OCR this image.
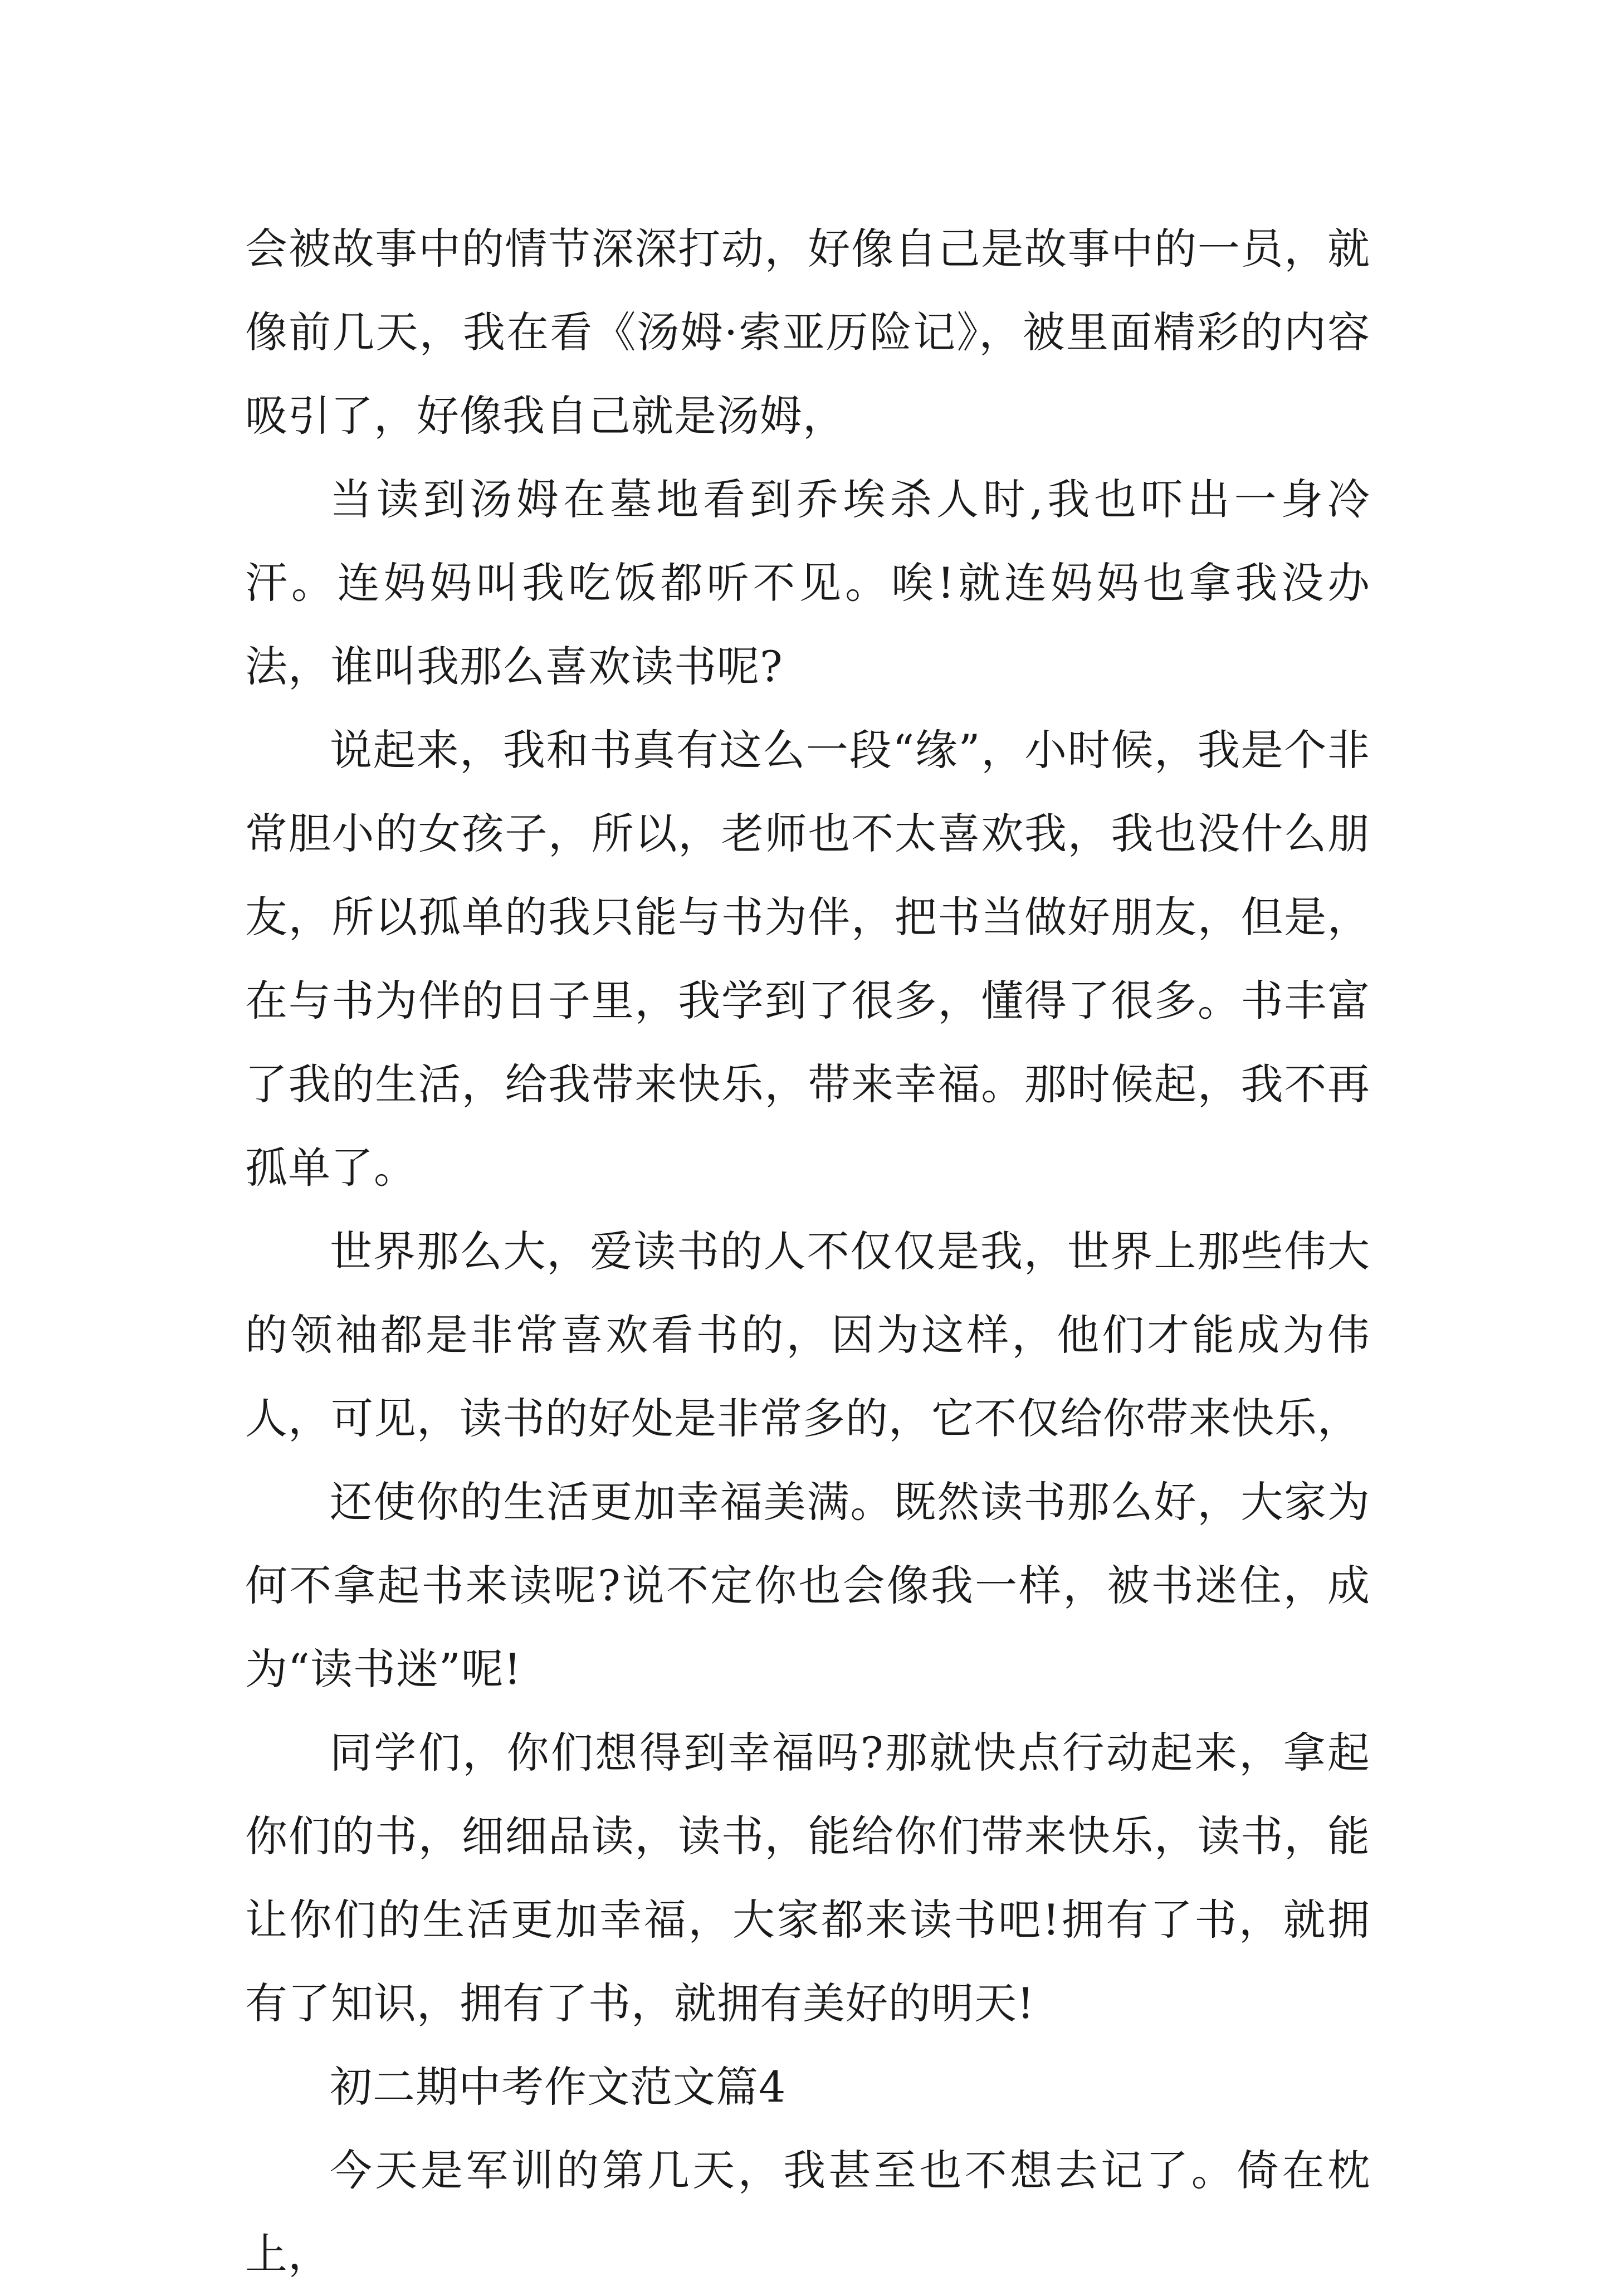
会被故事中的情节深深打动，好像自己是故事中的一员，就像前几天，我在看《汤姆·索亚历险记》，被里面精彩的内容吸引了，好像我自己就是汤姆，

当读到汤姆在墓地看到乔埃杀人时,我也吓出一身冷汗。连妈妈叫我吃饭都听不见。唉!就连妈妈也拿我没办法，谁叫我那么喜欢读书呢?

说起来，我和书真有这么一段“缘”，小时候，我是个非常胆小的女孩子，所以，老师也不太喜欢我，我也没什么朋友，所以孤单的我只能与书为伴，把书当做好朋友，但是，在与书为伴的日子里，我学到了很多，懂得了很多。书丰富了我的生活，给我带来快乐，带来幸福。那时候起，我不再孤单了。

世界那么大，爱读书的人不仅仅是我，世界上那些伟大的领袖都是非常喜欢看书的，因为这样，他们才能成为伟人，可见，读书的好处是非常多的，它不仅给你带来快乐，

还使你的生活更加幸福美满。既然读书那么好，大家为何不拿起书来读呢?说不定你也会像我一样，被书迷住，成为“读书迷”呢!

同学们，你们想得到幸福吗?那就快点行动起来，拿起你们的书，细细品读，读书，能给你们带来快乐，读书，能让你们的生活更加幸福，大家都来读书吧!拥有了书，就拥有了知识，拥有了书，就拥有美好的明天!

初二期中考作文范文篇4

今天是军训的第几天，我甚至也不想去记了。倚在枕上，
